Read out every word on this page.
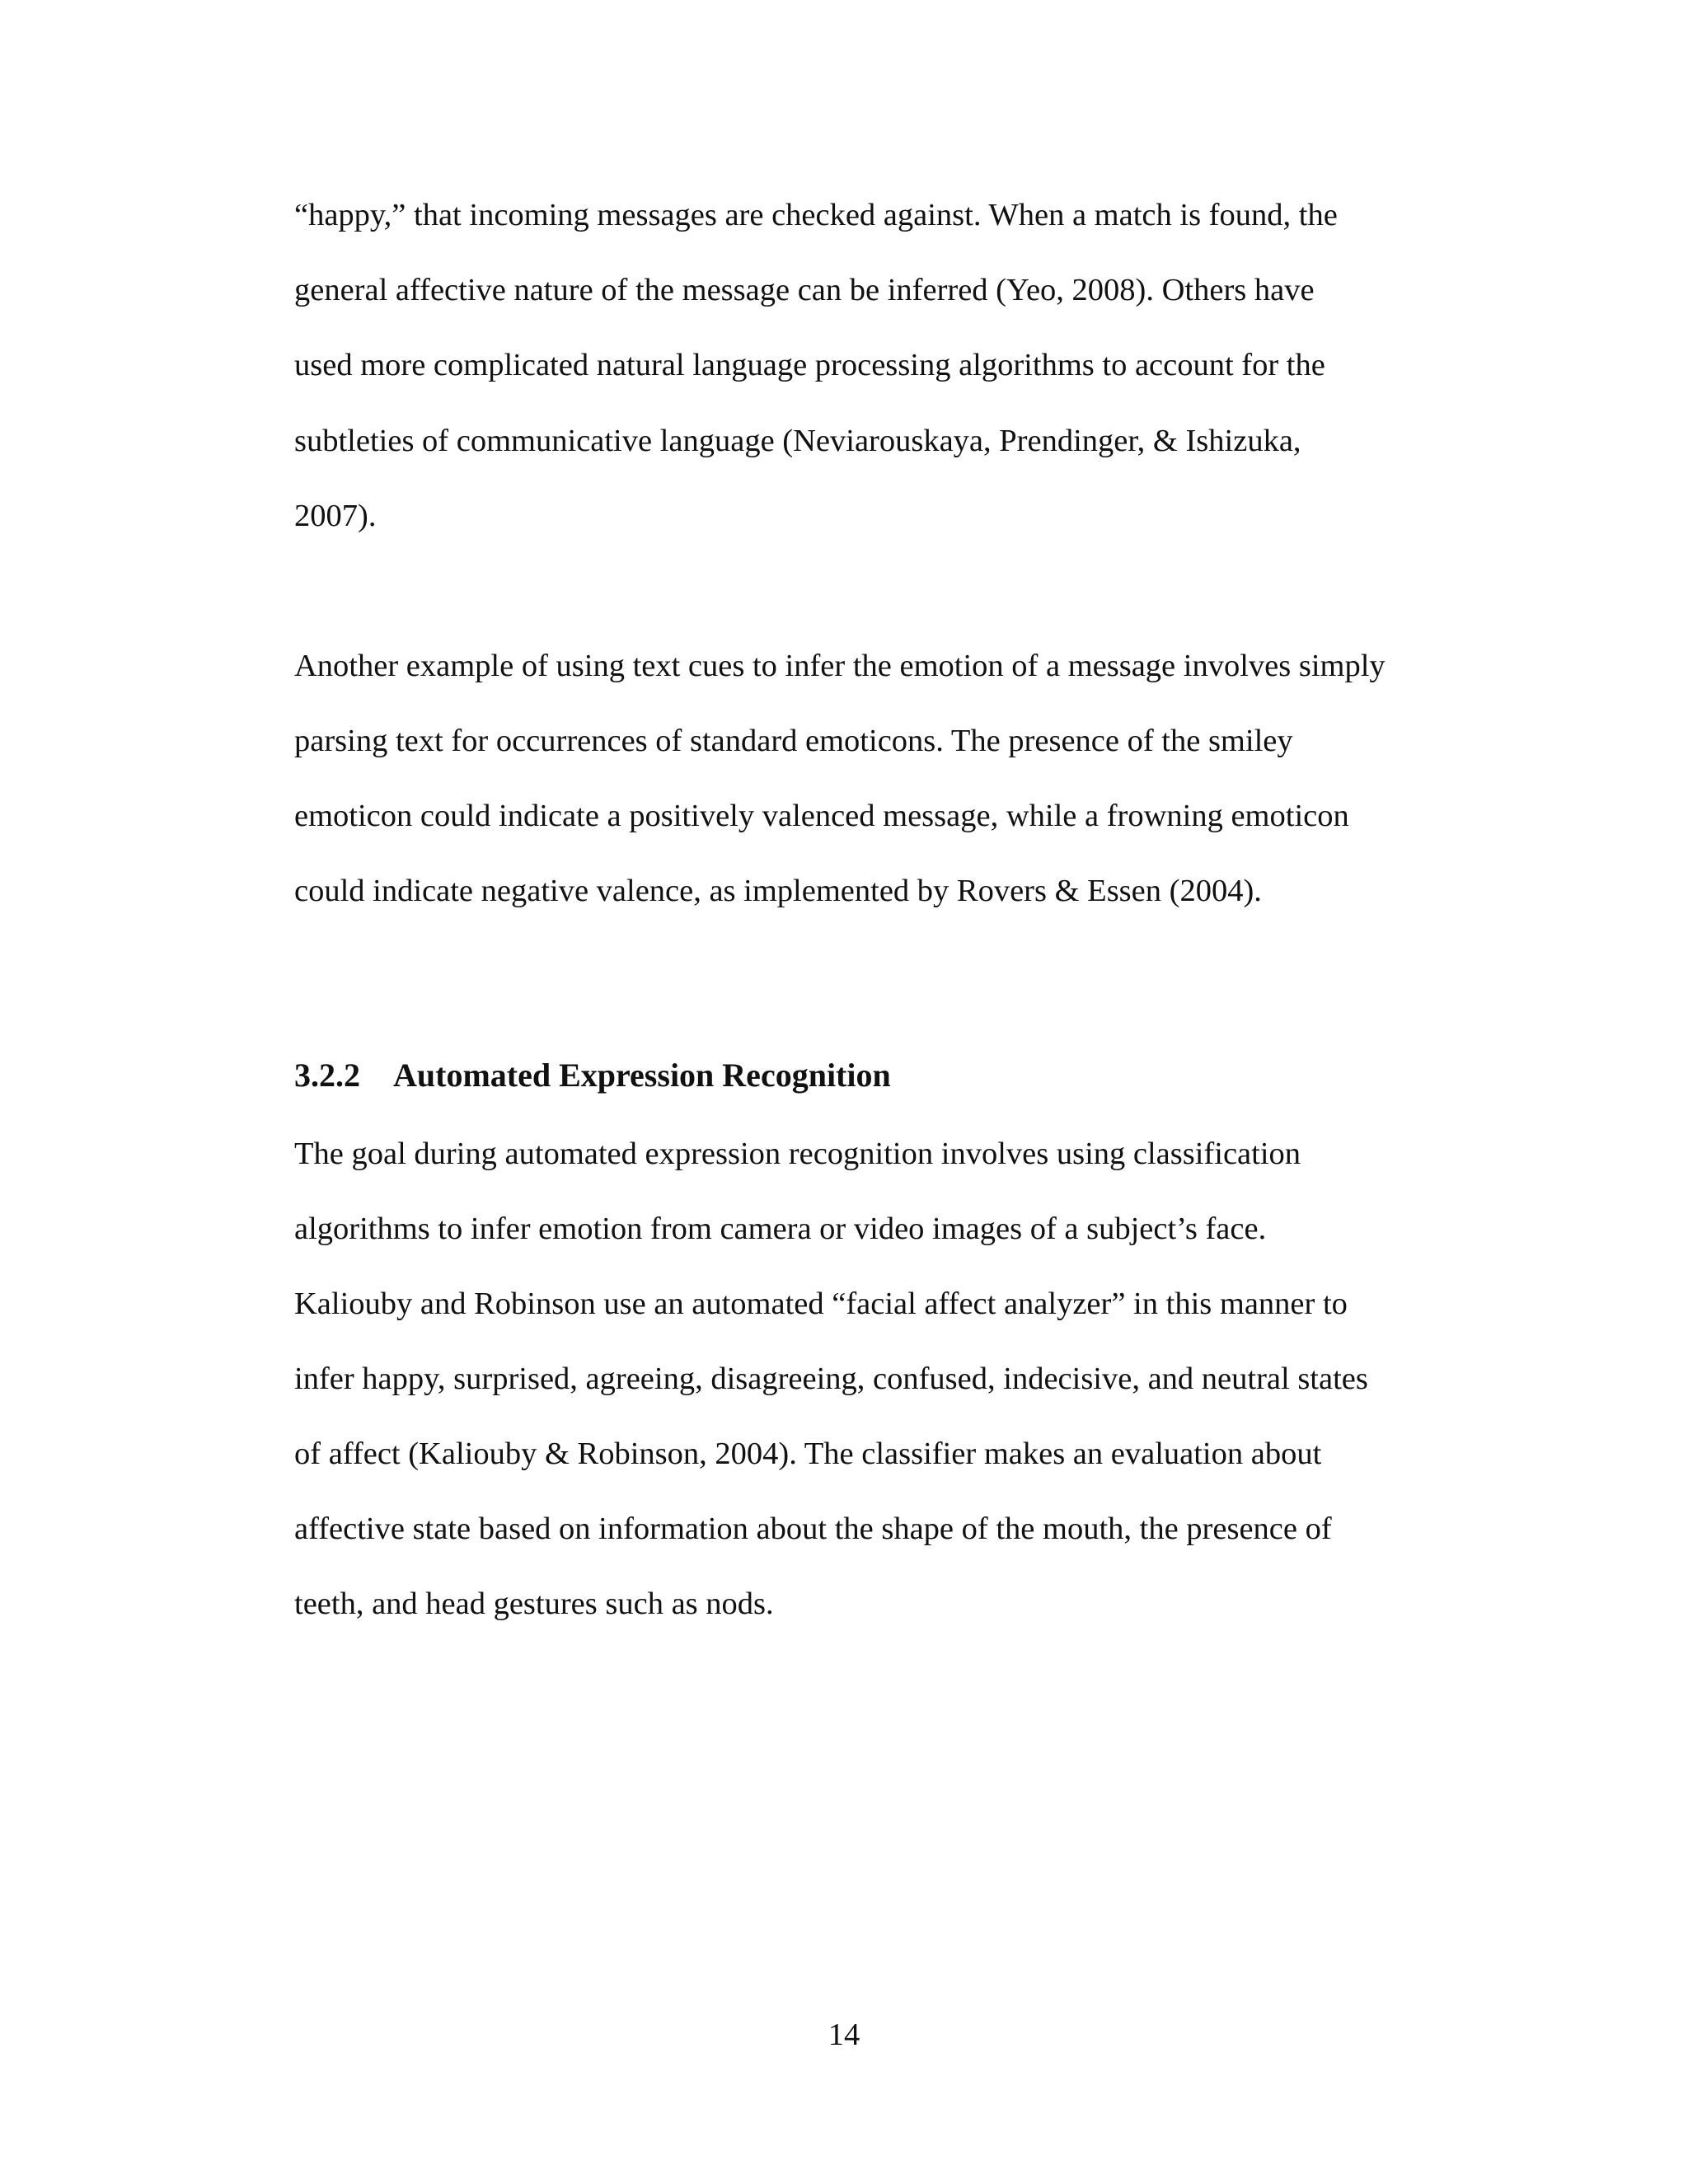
“happy,” that incoming messages are checked against. When a match is found, the

general affective nature of the message can be inferred (Yeo, 2008). Others have

used more complicated natural language processing algorithms to account for the

subtleties of communicative language (Neviarouskaya, Prendinger, & Ishizuka,

2007).

Another example of using text cues to infer the emotion of a message involves simply

parsing text for occurrences of standard emoticons. The presence of the smiley

emoticon could indicate a positively valenced message, while a frowning emoticon

could indicate negative valence, as implemented by Rovers & Essen (2004).

3.2.2 Automated Expression Recognition

The goal during automated expression recognition involves using classification

algorithms to infer emotion from camera or video images of a subject’s face.

Kaliouby and Robinson use an automated “facial affect analyzer” in this manner to

infer happy, surprised, agreeing, disagreeing, confused, indecisive, and neutral states

of affect (Kaliouby & Robinson, 2004). The classifier makes an evaluation about

affective state based on information about the shape of the mouth, the presence of

teeth, and head gestures such as nods.

14
